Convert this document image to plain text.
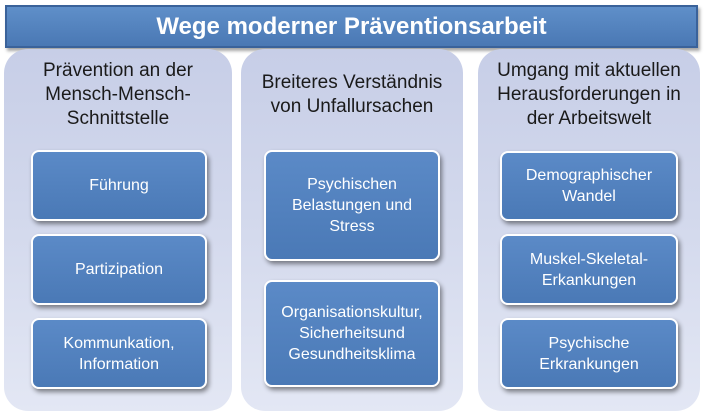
Wege moderner Präventionsarbeit
Prävention an der
Mensch-Mensch-
Schnittstelle
Führung
Partizipation
Kommunkation,
Information
Breiteres Verständnis
von Unfallursachen
Psychischen
Belastungen und
Stress
Organisationskultur,
Sicherheitsund
Gesundheitsklima
Umgang mit aktuellen
Herausforderungen in
der Arbeitswelt
Demographischer
Wandel
Muskel-Skeletal-
Erkankungen
Psychische
Erkrankungen
